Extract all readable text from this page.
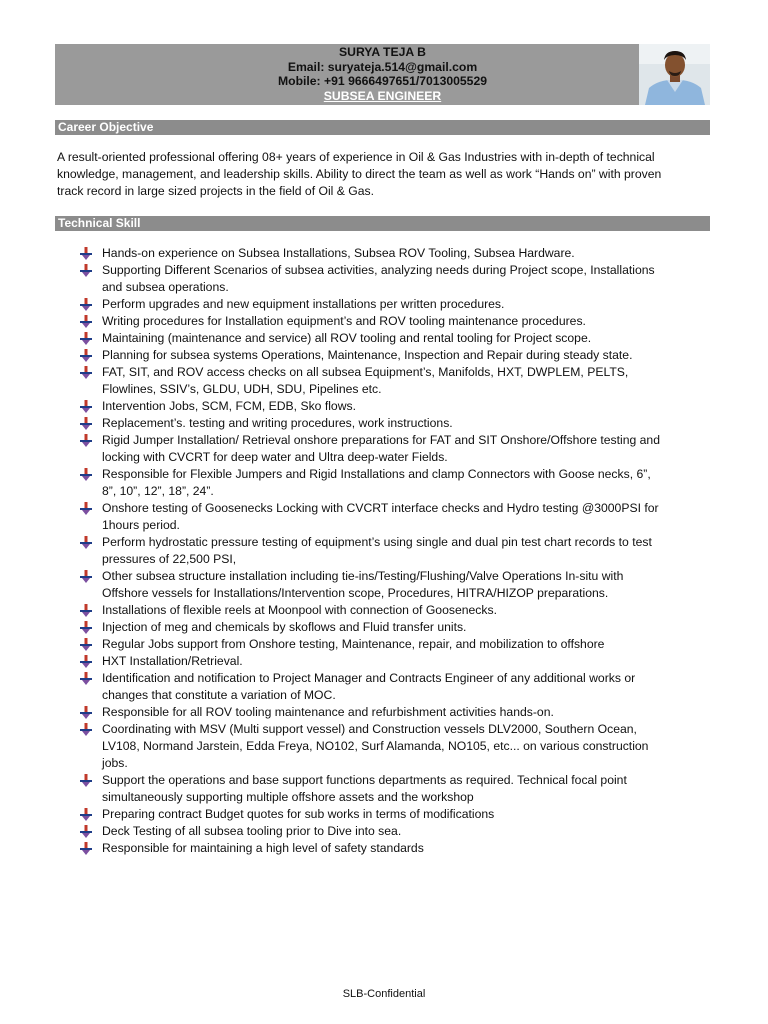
SURYA TEJA B
Email: suryateja.514@gmail.com
Mobile: +91 9666497651/7013005529
SUBSEA ENGINEER
Career Objective
A result-oriented professional offering 08+ years of experience in Oil & Gas Industries with in-depth of technical
knowledge, management, and leadership skills. Ability to direct the team as well as work “Hands on” with proven
track record in large sized projects in the field of Oil & Gas.
Technical Skill
Hands-on experience on Subsea Installations, Subsea ROV Tooling, Subsea Hardware.
Supporting Different Scenarios of subsea activities, analyzing needs during Project scope, Installations
and subsea operations.
Perform upgrades and new equipment installations per written procedures.
Writing procedures for Installation equipment’s and ROV tooling maintenance procedures.
Maintaining (maintenance and service) all ROV tooling and rental tooling for Project scope.
Planning for subsea systems Operations, Maintenance, Inspection and Repair during steady state.
FAT, SIT, and ROV access checks on all subsea Equipment’s, Manifolds, HXT, DWPLEM, PELTS,
Flowlines, SSIV’s, GLDU, UDH, SDU, Pipelines etc.
Intervention Jobs, SCM, FCM, EDB, Sko flows.
Replacement’s. testing and writing procedures, work instructions.
Rigid Jumper Installation/ Retrieval onshore preparations for FAT and SIT Onshore/Offshore testing and
locking with CVCRT for deep water and Ultra deep-water Fields.
Responsible for Flexible Jumpers and Rigid Installations and clamp Connectors with Goose necks, 6”,
8”, 10”, 12”, 18”, 24”.
Onshore testing of Goosenecks Locking with CVCRT interface checks and Hydro testing @3000PSI for
1hours period.
Perform hydrostatic pressure testing of equipment’s using single and dual pin test chart records to test
pressures of 22,500 PSI,
Other subsea structure installation including tie-ins/Testing/Flushing/Valve Operations In-situ with
Offshore vessels for Installations/Intervention scope, Procedures, HITRA/HIZOP preparations.
Installations of flexible reels at Moonpool with connection of Goosenecks.
Injection of meg and chemicals by skoflows and Fluid transfer units.
Regular Jobs support from Onshore testing, Maintenance, repair, and mobilization to offshore
HXT Installation/Retrieval.
Identification and notification to Project Manager and Contracts Engineer of any additional works or
changes that constitute a variation of MOC.
Responsible for all ROV tooling maintenance and refurbishment activities hands-on.
Coordinating with MSV (Multi support vessel) and Construction vessels DLV2000, Southern Ocean,
LV108, Normand Jarstein, Edda Freya, NO102, Surf Alamanda, NO105, etc... on various construction
jobs.
Support the operations and base support functions departments as required. Technical focal point
simultaneously supporting multiple offshore assets and the workshop
Preparing contract Budget quotes for sub works in terms of modifications
Deck Testing of all subsea tooling prior to Dive into sea.
Responsible for maintaining a high level of safety standards
SLB-Confidential
